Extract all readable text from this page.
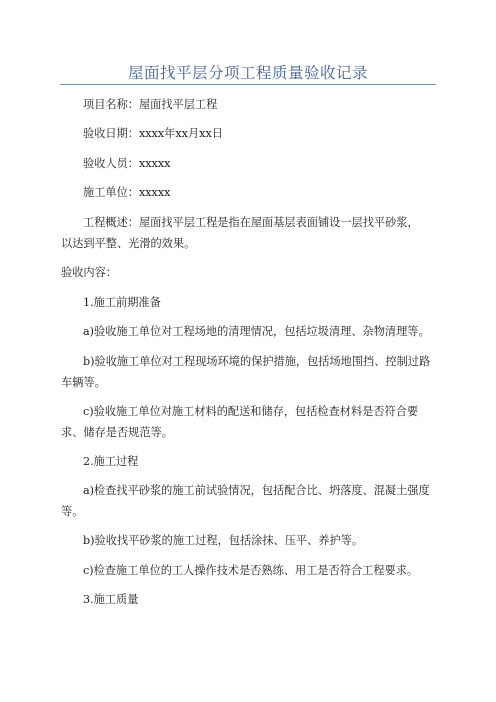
屋面找平层分项工程质量验收记录
项目名称：屋面找平层工程
验收日期：xxxx年xx月xx日
验收人员：xxxxx
施工单位：xxxxx
工程概述：屋面找平层工程是指在屋面基层表面铺设一层找平砂浆，以达到平整、光滑的效果。
验收内容：
1.施工前期准备
a)验收施工单位对工程场地的清理情况，包括垃圾清理、杂物清理等。
b)验收施工单位对工程现场环境的保护措施，包括场地围挡、控制过路车辆等。
c)验收施工单位对施工材料的配送和储存，包括检查材料是否符合要求、储存是否规范等。
2.施工过程
a)检查找平砂浆的施工前试验情况，包括配合比、坍落度、混凝土强度等。
b)验收找平砂浆的施工过程，包括涂抹、压平、养护等。
c)检查施工单位的工人操作技术是否熟练、用工是否符合工程要求。
3.施工质量
